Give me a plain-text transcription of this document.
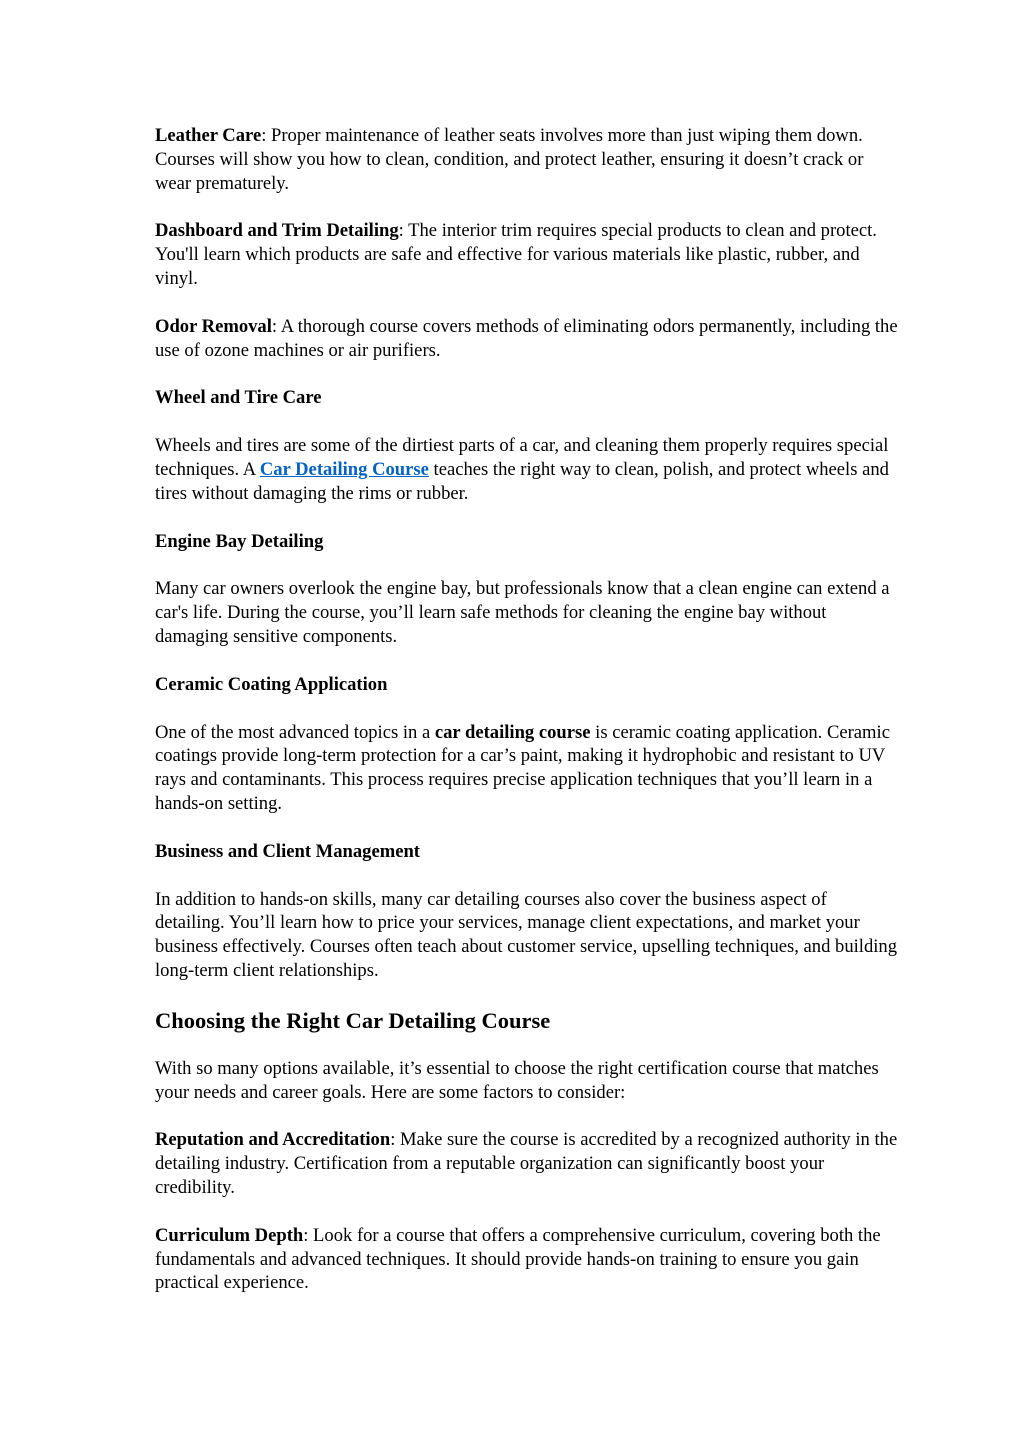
Leather Care: Proper maintenance of leather seats involves more than just wiping them down. Courses will show you how to clean, condition, and protect leather, ensuring it doesn’t crack or wear prematurely.

Dashboard and Trim Detailing: The interior trim requires special products to clean and protect. You'll learn which products are safe and effective for various materials like plastic, rubber, and vinyl.

Odor Removal: A thorough course covers methods of eliminating odors permanently, including the use of ozone machines or air purifiers.

Wheel and Tire Care

Wheels and tires are some of the dirtiest parts of a car, and cleaning them properly requires special techniques. A Car Detailing Course teaches the right way to clean, polish, and protect wheels and tires without damaging the rims or rubber.

Engine Bay Detailing

Many car owners overlook the engine bay, but professionals know that a clean engine can extend a car's life. During the course, you’ll learn safe methods for cleaning the engine bay without damaging sensitive components.

Ceramic Coating Application

One of the most advanced topics in a car detailing course is ceramic coating application. Ceramic coatings provide long-term protection for a car’s paint, making it hydrophobic and resistant to UV rays and contaminants. This process requires precise application techniques that you’ll learn in a hands-on setting.

Business and Client Management

In addition to hands-on skills, many car detailing courses also cover the business aspect of detailing. You’ll learn how to price your services, manage client expectations, and market your business effectively. Courses often teach about customer service, upselling techniques, and building long-term client relationships.

Choosing the Right Car Detailing Course

With so many options available, it’s essential to choose the right certification course that matches your needs and career goals. Here are some factors to consider:

Reputation and Accreditation: Make sure the course is accredited by a recognized authority in the detailing industry. Certification from a reputable organization can significantly boost your credibility.

Curriculum Depth: Look for a course that offers a comprehensive curriculum, covering both the fundamentals and advanced techniques. It should provide hands-on training to ensure you gain practical experience.
